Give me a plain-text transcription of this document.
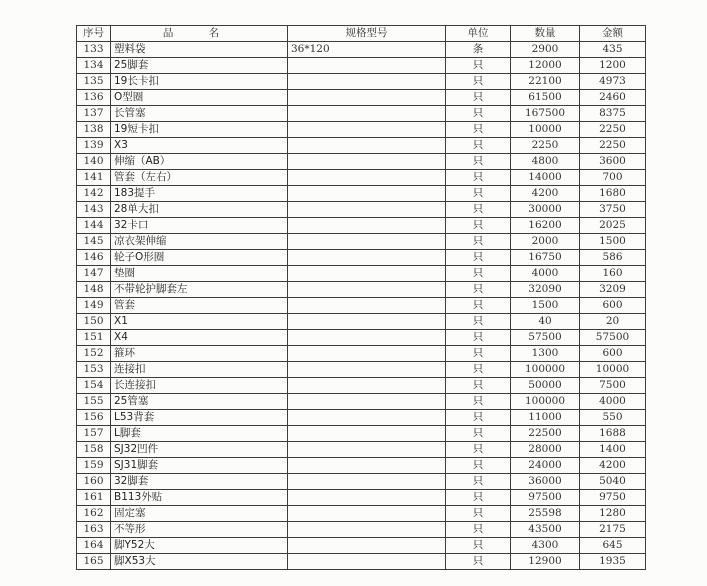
序号	品 名	规格型号	单位	数量	金额
133	塑料袋	36*120	条	2900	435
134	25脚套		只	12000	1200
135	19长卡扣		只	22100	4973
136	O型圈		只	61500	2460
137	长管塞		只	167500	8375
138	19短卡扣		只	10000	2250
139	X3		只	2250	2250
140	伸缩（AB）		只	4800	3600
141	管套（左右）		只	14000	700
142	183提手		只	4200	1680
143	28单大扣		只	30000	3750
144	32卡口		只	16200	2025
145	凉衣架伸缩		只	2000	1500
146	轮子O形圈		只	16750	586
147	垫圈		只	4000	160
148	不带轮护脚套左		只	32090	3209
149	管套		只	1500	600
150	X1		只	40	20
151	X4		只	57500	57500
152	箍环		只	1300	600
153	连接扣		只	100000	10000
154	长连接扣		只	50000	7500
155	25管塞		只	100000	4000
156	L53背套		只	11000	550
157	L脚套		只	22500	1688
158	SJ32凹件		只	28000	1400
159	SJ31脚套		只	24000	4200
160	32脚套		只	36000	5040
161	B113外贴		只	97500	9750
162	固定塞		只	25598	1280
163	不等形		只	43500	2175
164	脚Y52大		只	4300	645
165	脚X53大		只	12900	1935
